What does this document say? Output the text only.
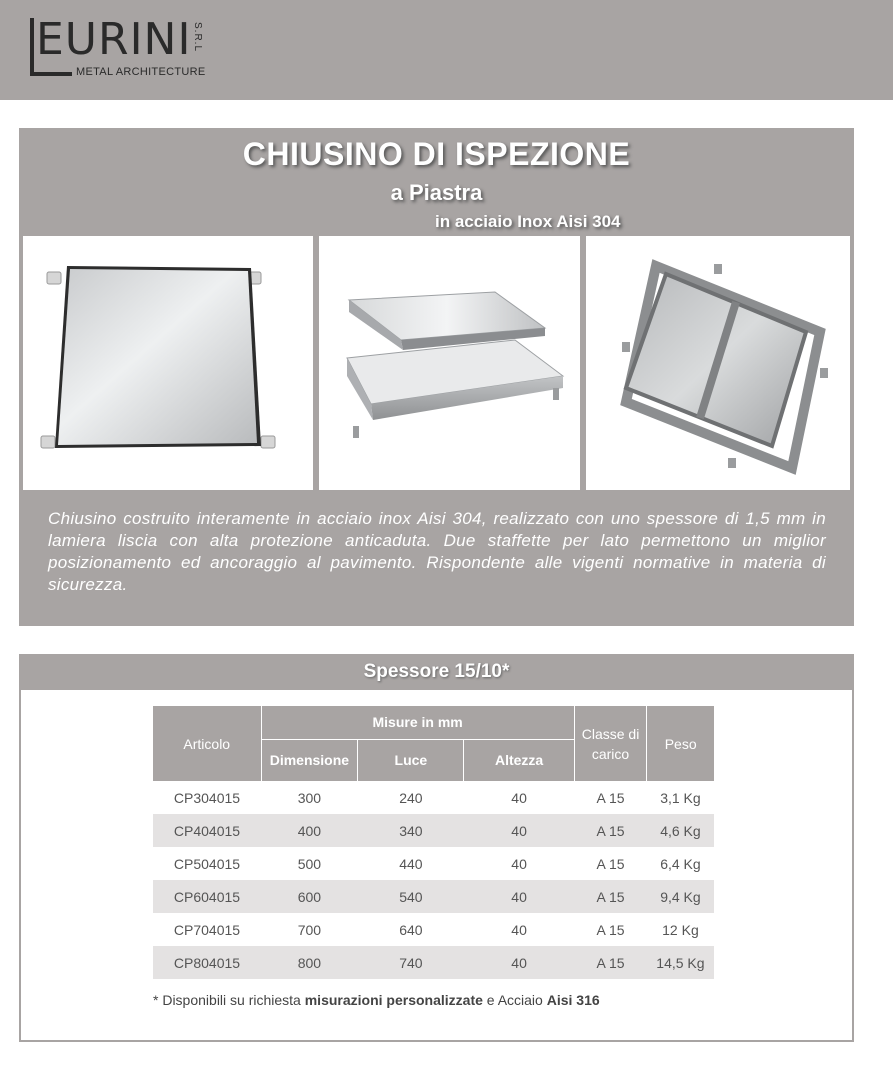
EURINI S.R.L
METAL ARCHITECTURE
CHIUSINO DI ISPEZIONE
a Piastra
in acciaio Inox Aisi 304
Chiusino costruito interamente in acciaio inox Aisi 304, realizzato con uno spessore di 1,5 mm in lamiera liscia con alta protezione anticaduta. Due staffette per lato permettono un miglior posizionamento ed ancoraggio al pavimento. Rispondente alle vigenti normative in materia di sicurezza.
Spessore 15/10*
Articolo	Misure in mm			Classe di carico	Peso
	Dimensione	Luce	Altezza		
CP304015	300	240	40	A 15	3,1 Kg
CP404015	400	340	40	A 15	4,6 Kg
CP504015	500	440	40	A 15	6,4 Kg
CP604015	600	540	40	A 15	9,4 Kg
CP704015	700	640	40	A 15	12 Kg
CP804015	800	740	40	A 15	14,5 Kg
* Disponibili su richiesta misurazioni personalizzate e Acciaio Aisi 316
